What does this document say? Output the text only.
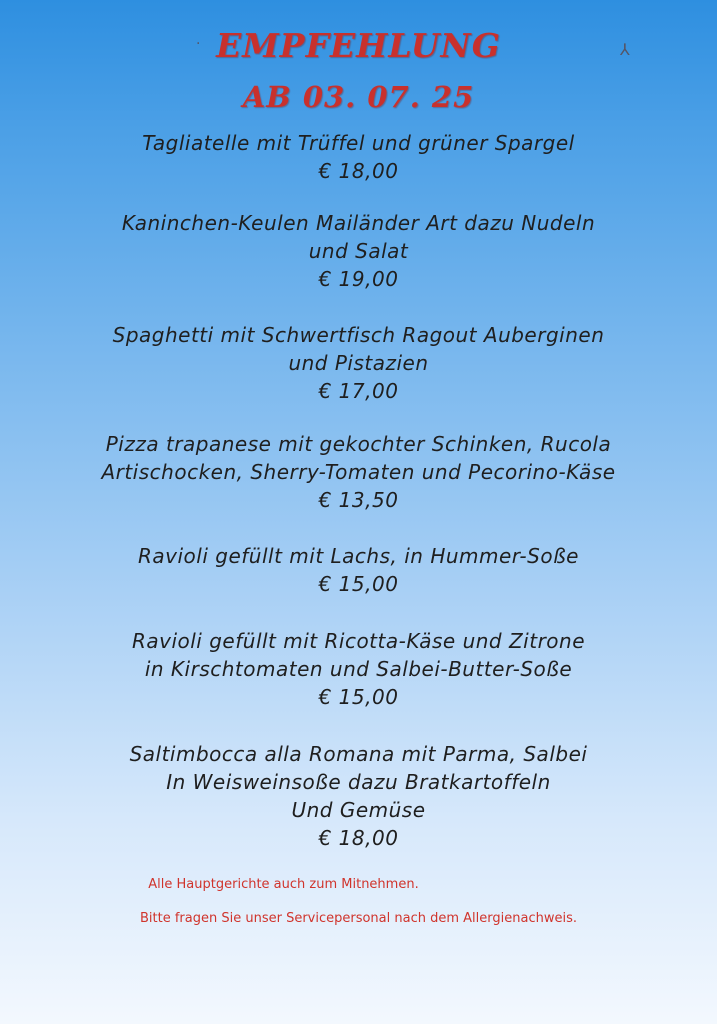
EMPFEHLUNG
AB 03. 07. 25
Tagliatelle mit Trüffel und grüner Spargel
€ 18,00
Kaninchen-Keulen Mailänder Art dazu Nudeln
und Salat
€ 19,00
Spaghetti mit Schwertfisch Ragout Auberginen
und Pistazien
€ 17,00
Pizza trapanese mit gekochter Schinken, Rucola
Artischocken, Sherry-Tomaten und Pecorino-Käse
€ 13,50
Ravioli gefüllt mit Lachs, in Hummer-Soße
€ 15,00
Ravioli gefüllt mit Ricotta-Käse und Zitrone
in Kirschtomaten und Salbei-Butter-Soße
€ 15,00
Saltimbocca alla Romana mit Parma, Salbei
In Weisweinsoße dazu Bratkartoffeln
Und Gemüse
€ 18,00
Alle Hauptgerichte auch zum Mitnehmen.
Bitte fragen Sie unser Servicepersonal nach dem Allergienachweis.
·	⅄
